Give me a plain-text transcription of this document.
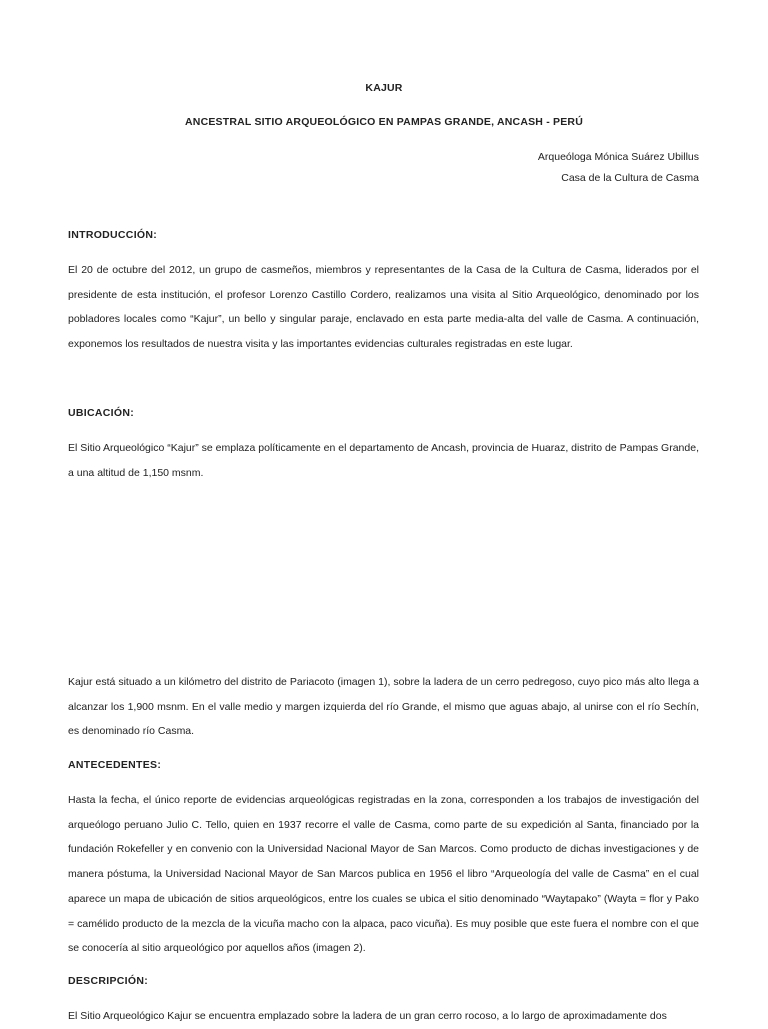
KAJUR
ANCESTRAL SITIO ARQUEOLÓGICO EN PAMPAS GRANDE, ANCASH - PERÚ
Arqueóloga Mónica Suárez Ubillus
Casa de la Cultura de Casma
INTRODUCCIÓN:

El 20 de octubre del 2012, un grupo de casmeños, miembros y representantes de la Casa de la Cultura de Casma, liderados por el presidente de esta institución, el profesor Lorenzo Castillo Cordero, realizamos una visita al Sitio Arqueológico, denominado por los pobladores locales como “Kajur”, un bello y singular paraje, enclavado en esta parte media-alta del valle de Casma. A continuación, exponemos los resultados de nuestra visita y las importantes evidencias culturales registradas en este lugar.

UBICACIÓN:

El Sitio Arqueológico “Kajur” se emplaza políticamente en el departamento de Ancash, provincia de Huaraz, distrito de Pampas Grande, a una altitud de 1,150 msnm.

Kajur está situado a un kilómetro del distrito de Pariacoto (imagen 1), sobre la ladera de un cerro pedregoso, cuyo pico más alto llega a alcanzar los 1,900 msnm. En el valle medio y margen izquierda del río Grande, el mismo que aguas abajo, al unirse con el río Sechín, es denominado río Casma.

ANTECEDENTES:

Hasta la fecha, el único reporte de evidencias arqueológicas registradas en la zona, corresponden a los trabajos de investigación del arqueólogo peruano Julio C. Tello, quien en 1937 recorre el valle de Casma, como parte de su expedición al Santa, financiado por la fundación Rokefeller y en convenio con la Universidad Nacional Mayor de San Marcos. Como producto de dichas investigaciones y de manera póstuma, la Universidad Nacional Mayor de San Marcos publica en 1956 el libro “Arqueología del valle de Casma” en el cual aparece un mapa de ubicación de sitios arqueológicos, entre los cuales se ubica el sitio denominado “Waytapako” (Wayta = flor y Pako = camélido producto de la mezcla de la vicuña macho con la alpaca, paco vicuña). Es muy posible que este fuera el nombre con el que se conocería al sitio arqueológico por aquellos años (imagen 2).

DESCRIPCIÓN:

El Sitio Arqueológico Kajur se encuentra emplazado sobre la ladera de un gran cerro rocoso, a lo largo de aproximadamente dos
